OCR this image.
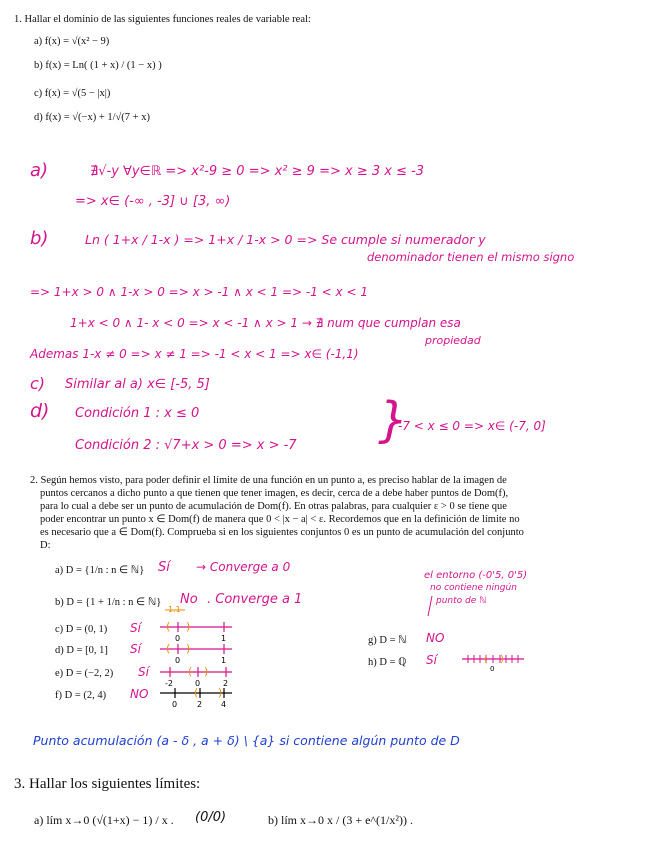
1. Hallar el dominio de las siguientes funciones reales de variable real:
a) f(x) = √(x² − 9)
b) f(x) = Ln( (1 + x) / (1 − x) )
c) f(x) = √(5 − |x|)
d) f(x) = √(−x) + 1/√(7 + x)
a)	∄√-y ∀y∈ℝ => x²-9 ≥ 0 => x² ≥ 9 => x ≥ 3 x ≤ -3
=> x∈ (-∞ , -3] ∪ [3, ∞)
b)	Ln ( 1+x / 1-x ) => 1+x / 1-x > 0 => Se cumple si numerador y
denominador tienen el mismo signo
=> 1+x > 0 ∧ 1-x > 0 => x > -1 ∧ x < 1 => -1 < x < 1
1+x < 0 ∧ 1- x < 0 => x < -1 ∧ x > 1 → ∄ num que cumplan esa
propiedad
Ademas 1-x ≠ 0 => x ≠ 1 => -1 < x < 1 => x∈ (-1,1)
c) Similar al a) x∈ [-5, 5]
d) Condición 1 : x ≤ 0
Condición 2 : √7+x > 0 => x > -7 }
-7 < x ≤ 0 => x∈ (-7, 0]
2. Según hemos visto, para poder definir el límite de una función en un punto a, es preciso hablar de la imagen de
puntos cercanos a dicho punto a que tienen que tener imagen, es decir, cerca de a debe haber puntos de Dom(f),
para lo cual a debe ser un punto de acumulación de Dom(f). En otras palabras, para cualquier ε > 0 se tiene que
poder encontrar un punto x ∈ Dom(f) de manera que 0 < |x − a| < ε. Recordemos que en la definición de límite no
es necesario que a ∈ Dom(f). Comprueba si en los siguientes conjuntos 0 es un punto de acumulación del conjunto
D:
a) D = {1/n : n ∈ ℕ} Sí → Converge a 0
b) D = {1 + 1/n : n ∈ ℕ} No . Converge a 1
c) D = (0, 1) Sí
d) D = [0, 1] Sí
e) D = (−2, 2) Sí
f) D = (2, 4) NO
g) D = ℕ NO
h) D = ℚ Sí
el entorno (-0'5, 0'5)
no contiene ningún
punto de ℕ
1.1
( )
0	1
( )
0	1
( )
-2	0	2
( )
0 2 4
( )
0
Punto acumulación (a - δ , a + δ) \ {a} si contiene algún punto de D
3. Hallar los siguientes límites:
a) lím x→0 (√(1+x) − 1) / x . (0/0)	b) lím x→0 x / (3 + e^(1/x²)) .
